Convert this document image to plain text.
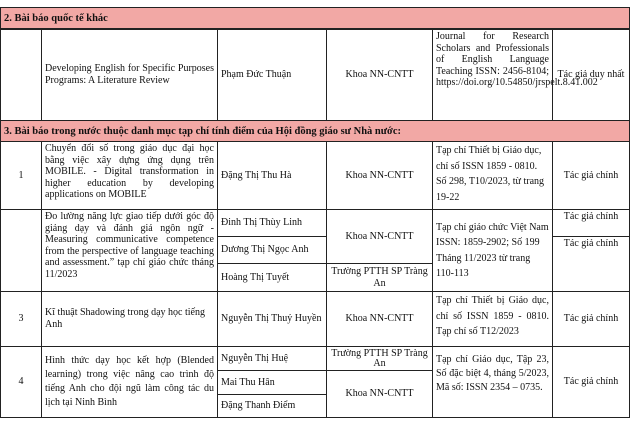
2. Bài báo quốc tế khác
Developing English for Specific Purposes Programs: A Literature Review
Phạm Đức Thuận	Khoa NN-CNTT
Journal for Research Scholars and Professionals of English Language Teaching ISSN: 2456-8104; https://doi.org/10.54850/jrspelt.8.41.002
Tác giả duy nhất
3. Bài báo trong nước thuộc danh mục tạp chí tính điểm của Hội đồng giáo sư Nhà nước:
1
Chuyển đổi số trong giáo dục đại học bằng việc xây dựng ứng dụng trên MOBILE. - Digital transformation in higher education by developing applications on MOBILE
Đặng Thị Thu Hà	Khoa NN-CNTT
Tạp chí Thiết bị Giáo dục, chỉ số ISSN 1859 - 0810. Số 298, T10/2023, từ trang 19-22
Tác giả chính
Đo lường năng lực giao tiếp dưới góc độ giảng dạy và đánh giá ngôn ngữ - Measuring communicative competence from the perspective of language teaching and assessment.” tạp chí giáo chức tháng 11/2023
Đinh Thị Thùy Linh
Dương Thị Ngọc Anh
Hoàng Thị Tuyết
Khoa NN-CNTT
Trường PTTH SP Tràng An
Tạp chí giáo chức Việt Nam ISSN: 1859-2902; Số 199 Tháng 11/2023 từ trang 110-113
Tác giả chính
Tác giả chính
3
Kĩ thuật Shadowing trong dạy học tiếng Anh
Nguyễn Thị Thuỷ Huyền Khoa NN-CNTT
Tạp chí Thiết bị Giáo dục, chỉ số ISSN 1859 - 0810. Tạp chí số T12/2023
Tác giả chính
4
Hình thức dạy học kết hợp (Blended learning) trong việc nâng cao trình độ tiếng Anh cho đội ngũ làm công tác du lịch tại Ninh Bình
Nguyễn Thị Huệ
Mai Thu Hân
Đặng Thanh Điểm
Trường PTTH SP Tràng An
Khoa NN-CNTT
Tạp chí Giáo dục, Tập 23, Số đặc biệt 4, tháng 5/2023, Mã số: ISSN 2354 – 0735.
Tác giả chính
